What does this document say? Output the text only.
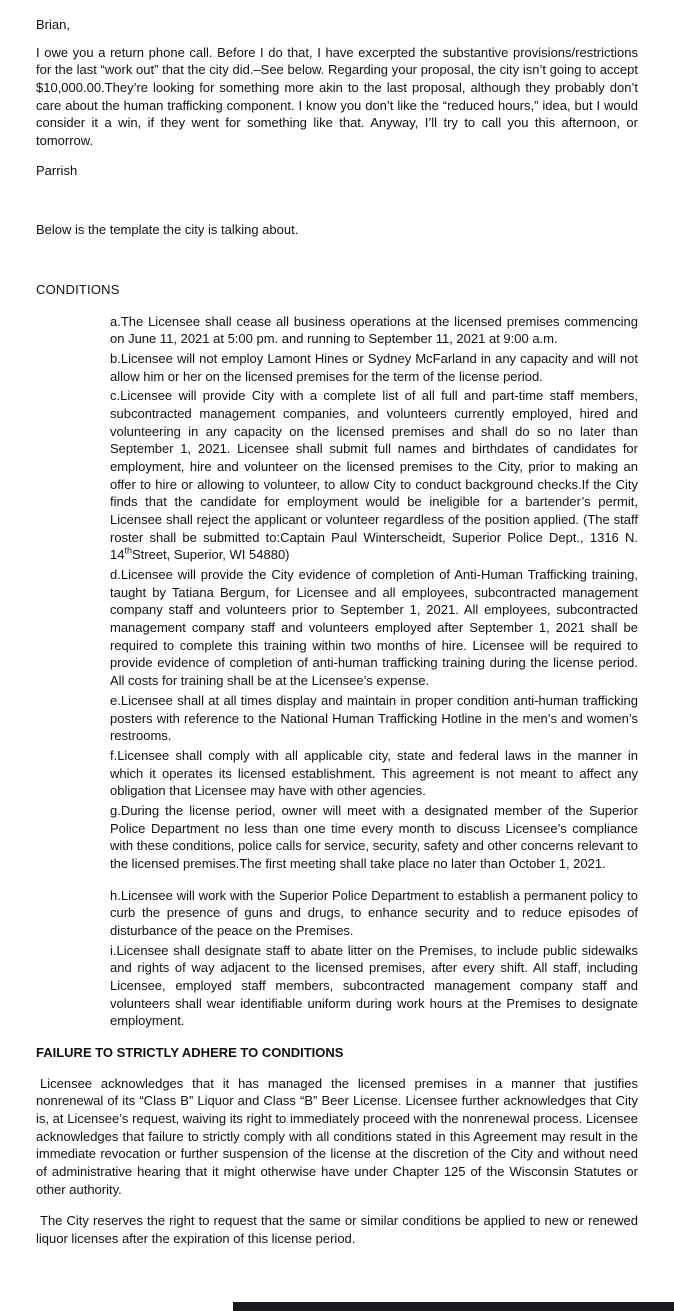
Brian,

I owe you a return phone call. Before I do that, I have excerpted the substantive provisions/restrictions for the last “work out” that the city did.–See below. Regarding your proposal, the city isn’t going to accept $10,000.00.They’re looking for something more akin to the last proposal, although they probably don’t care about the human trafficking component. I know you don’t like the “reduced hours,” idea, but I would consider it a win, if they went for something like that. Anyway, I’ll try to call you this afternoon, or tomorrow.

Parrish

Below is the template the city is talking about.

CONDITIONS

a.The Licensee shall cease all business operations at the licensed premises commencing on June 11, 2021 at 5:00 pm. and running to September 11, 2021 at 9:00 a.m.

b.Licensee will not employ Lamont Hines or Sydney McFarland in any capacity and will not allow him or her on the licensed premises for the term of the license period.

c.Licensee will provide City with a complete list of all full and part-time staff members, subcontracted management companies, and volunteers currently employed, hired and volunteering in any capacity on the licensed premises and shall do so no later than September 1, 2021. Licensee shall submit full names and birthdates of candidates for employment, hire and volunteer on the licensed premises to the City, prior to making an offer to hire or allowing to volunteer, to allow City to conduct background checks.If the City finds that the candidate for employment would be ineligible for a bartender’s permit, Licensee shall reject the applicant or volunteer regardless of the position applied. (The staff roster shall be submitted to:Captain Paul Winterscheidt, Superior Police Dept., 1316 N. 14thStreet, Superior, WI 54880)

d.Licensee will provide the City evidence of completion of Anti-Human Trafficking training, taught by Tatiana Bergum, for Licensee and all employees, subcontracted management company staff and volunteers prior to September 1, 2021. All employees, subcontracted management company staff and volunteers employed after September 1, 2021 shall be required to complete this training within two months of hire. Licensee will be required to provide evidence of completion of anti-human trafficking training during the license period. All costs for training shall be at the Licensee’s expense.

e.Licensee shall at all times display and maintain in proper condition anti-human trafficking posters with reference to the National Human Trafficking Hotline in the men’s and women’s restrooms.

f.Licensee shall comply with all applicable city, state and federal laws in the manner in which it operates its licensed establishment. This agreement is not meant to affect any obligation that Licensee may have with other agencies.

g.During the license period, owner will meet with a designated member of the Superior Police Department no less than one time every month to discuss Licensee’s compliance with these conditions, police calls for service, security, safety and other concerns relevant to the licensed premises.The first meeting shall take place no later than October 1, 2021.

h.Licensee will work with the Superior Police Department to establish a permanent policy to curb the presence of guns and drugs, to enhance security and to reduce episodes of disturbance of the peace on the Premises.

i.Licensee shall designate staff to abate litter on the Premises, to include public sidewalks and rights of way adjacent to the licensed premises, after every shift. All staff, including Licensee, employed staff members, subcontracted management company staff and volunteers shall wear identifiable uniform during work hours at the Premises to designate employment.

FAILURE TO STRICTLY ADHERE TO CONDITIONS

Licensee acknowledges that it has managed the licensed premises in a manner that justifies nonrenewal of its “Class B” Liquor and Class “B” Beer License. Licensee further acknowledges that City is, at Licensee’s request, waiving its right to immediately proceed with the nonrenewal process. Licensee acknowledges that failure to strictly comply with all conditions stated in this Agreement may result in the immediate revocation or further suspension of the license at the discretion of the City and without need of administrative hearing that it might otherwise have under Chapter 125 of the Wisconsin Statutes or other authority.

The City reserves the right to request that the same or similar conditions be applied to new or renewed liquor licenses after the expiration of this license period.
